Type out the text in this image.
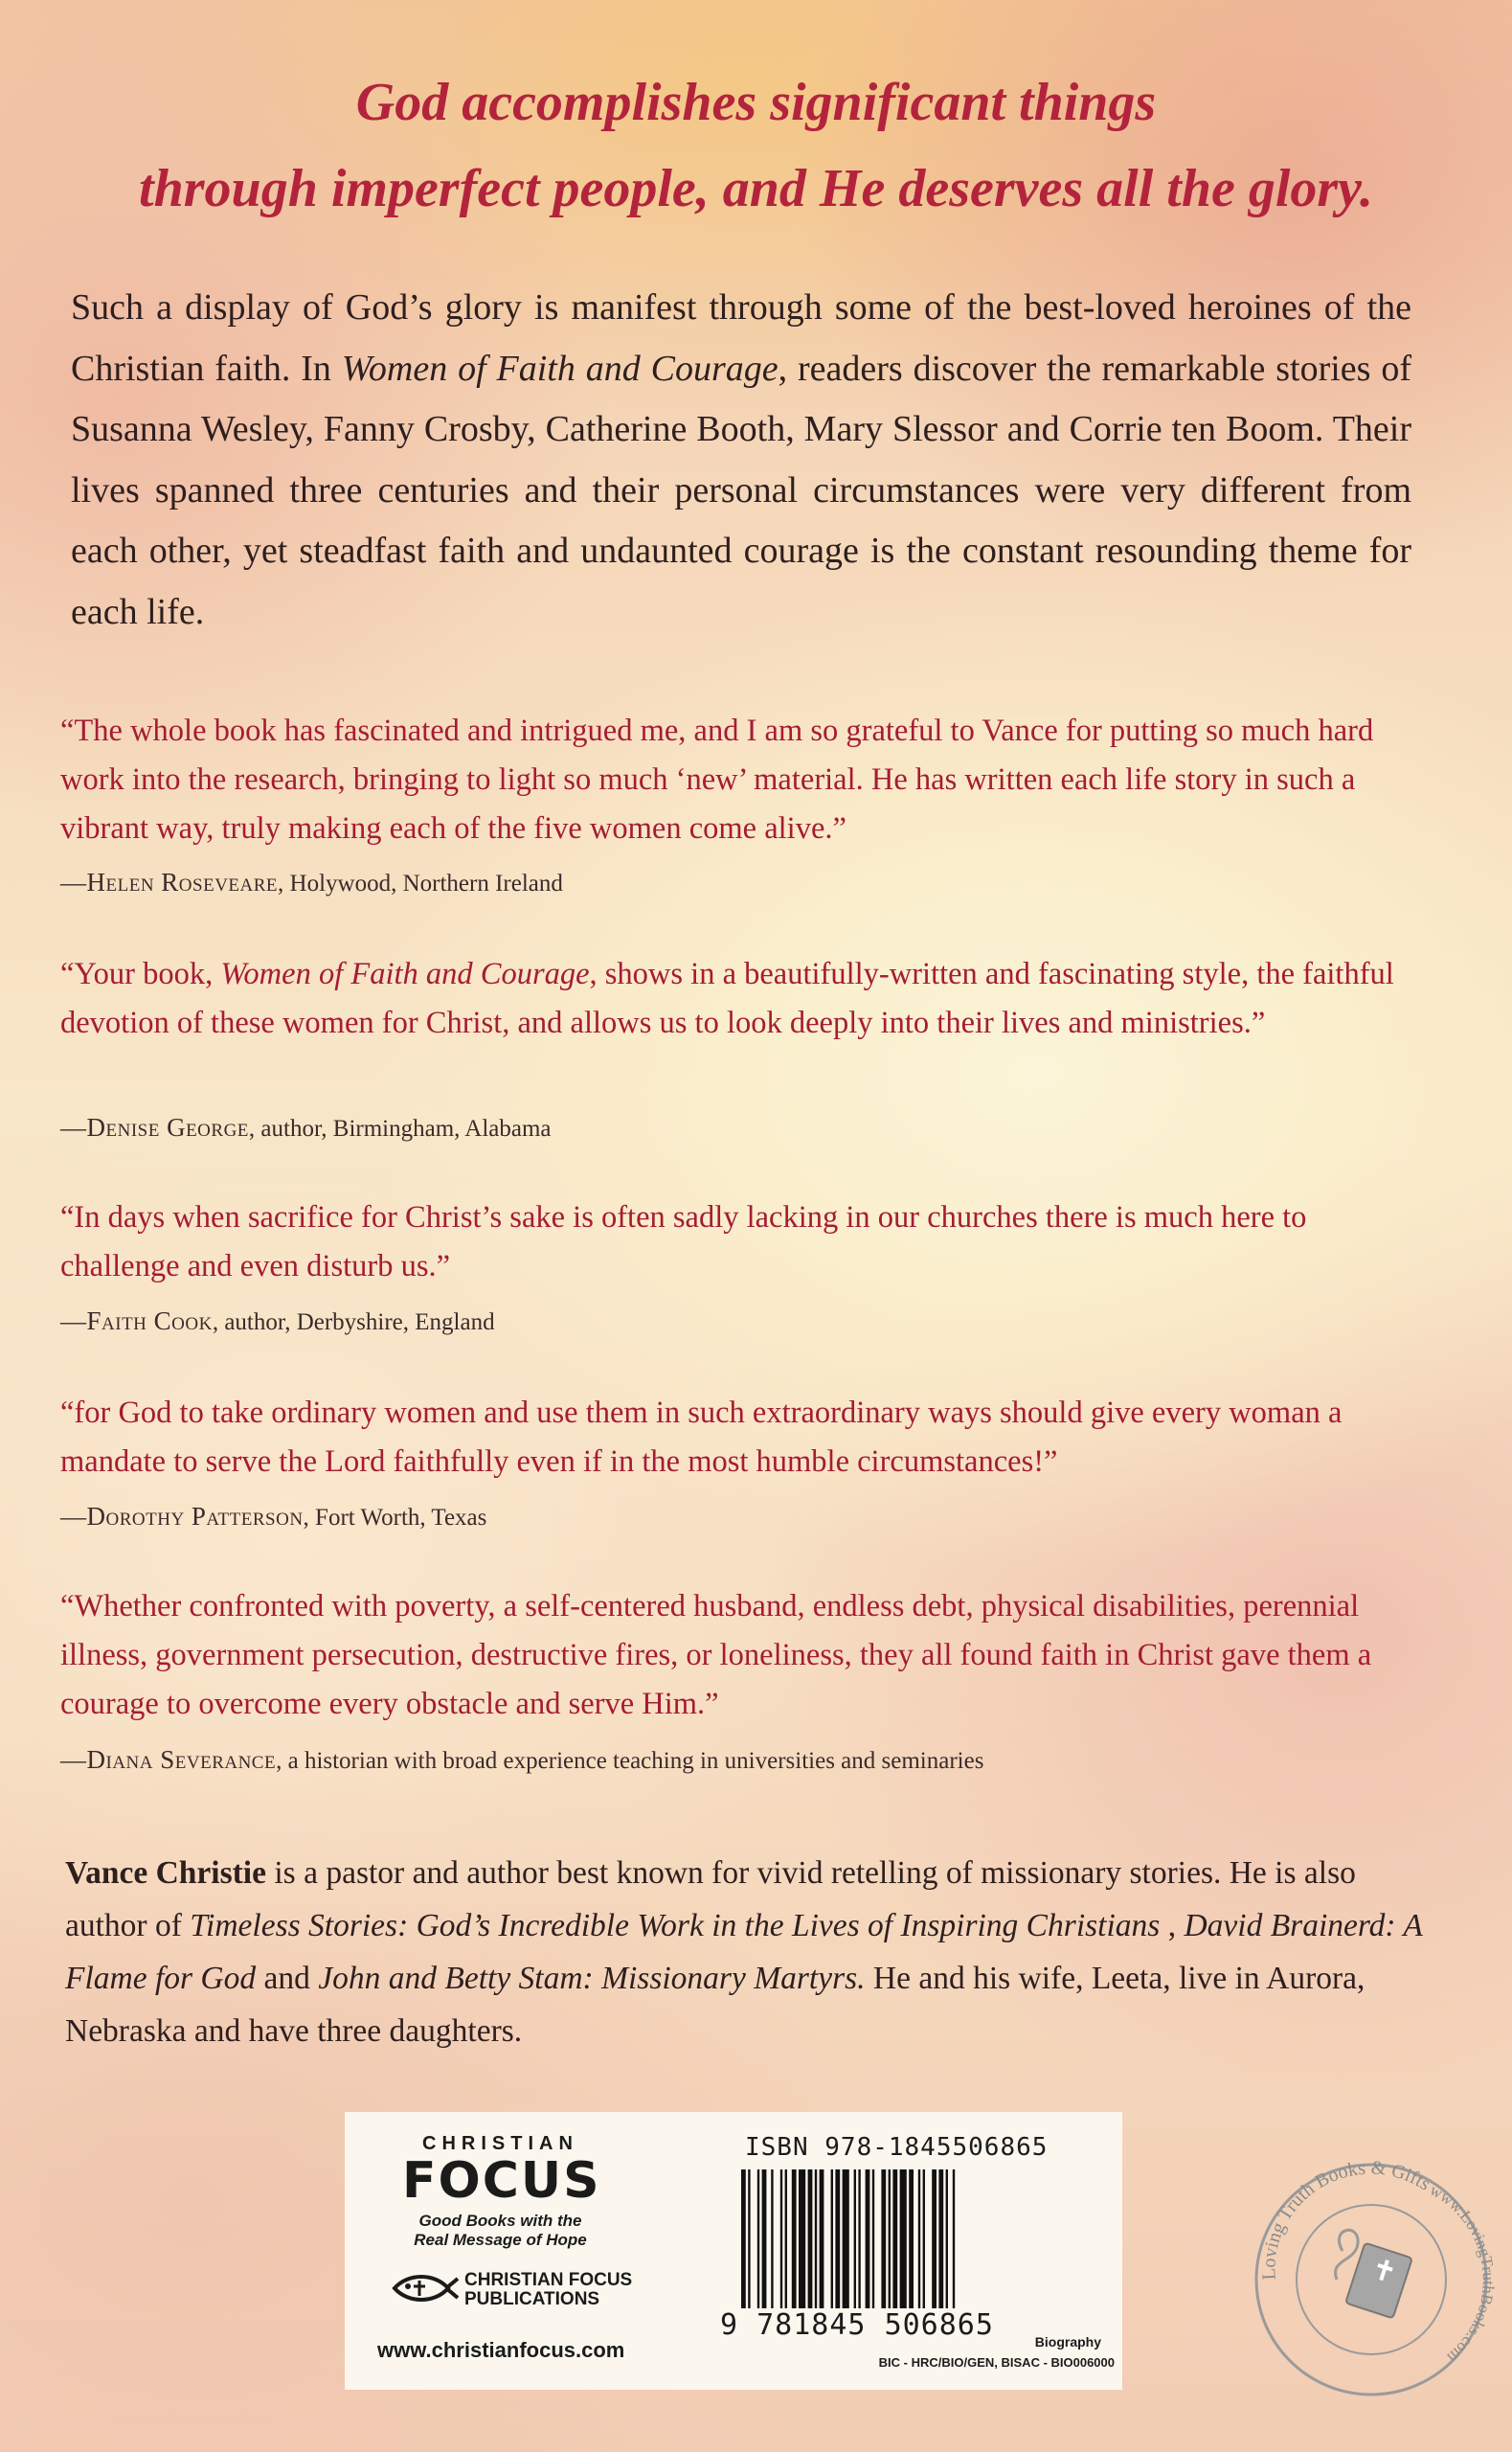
God accomplishes significant things
through imperfect people, and He deserves all the glory.
Such a display of God’s glory is manifest through some of the best-loved heroines of the Christian faith. In Women of Faith and Courage, readers discover the remarkable stories of Susanna Wesley, Fanny Crosby, Catherine Booth, Mary Slessor and Corrie ten Boom. Their lives spanned three centuries and their personal circumstances were very different from each other, yet steadfast faith and undaunted courage is the constant resounding theme for each life.
“The whole book has fascinated and intrigued me, and I am so grateful to Vance for putting so much hard work into the research, bringing to light so much ‘new’ material. He has written each life story in such a vibrant way, truly making each of the five women come alive.”
—Helen Roseveare, Holywood, Northern Ireland
“Your book, Women of Faith and Courage, shows in a beautifully-written and fascinating style, the faithful devotion of these women for Christ, and allows us to look deeply into their lives and ministries.”
—Denise George, author, Birmingham, Alabama
“In days when sacrifice for Christ’s sake is often sadly lacking in our churches there is much here to challenge and even disturb us.”
—Faith Cook, author, Derbyshire, England
“for God to take ordinary women and use them in such extraordinary ways should give every woman a mandate to serve the Lord faithfully even if in the most humble circumstances!”
—Dorothy Patterson, Fort Worth, Texas
“Whether confronted with poverty, a self-centered husband, endless debt, physical disabilities, perennial illness, government persecution, destructive fires, or loneliness, they all found faith in Christ gave them a courage to overcome every obstacle and serve Him.”
—Diana Severance, a historian with broad experience teaching in universities and seminaries
Vance Christie is a pastor and author best known for vivid retelling of missionary stories. He is also author of Timeless Stories: God’s Incredible Work in the Lives of Inspiring Christians , David Brainerd: A Flame for God and John and Betty Stam: Missionary Martyrs. He and his wife, Leeta, live in Aurora, Nebraska and have three daughters.
CHRISTIAN
FOCUS
Good Books with the
Real Message of Hope
CHRISTIAN FOCUS
PUBLICATIONS
www.christianfocus.com
ISBN 978-1845506865
9 781845 506865	Biography
BIC - HRC/BIO/GEN, BISAC - BIO006000
Loving Truth Books & Gifts
www.LovingTruthBooks.com
